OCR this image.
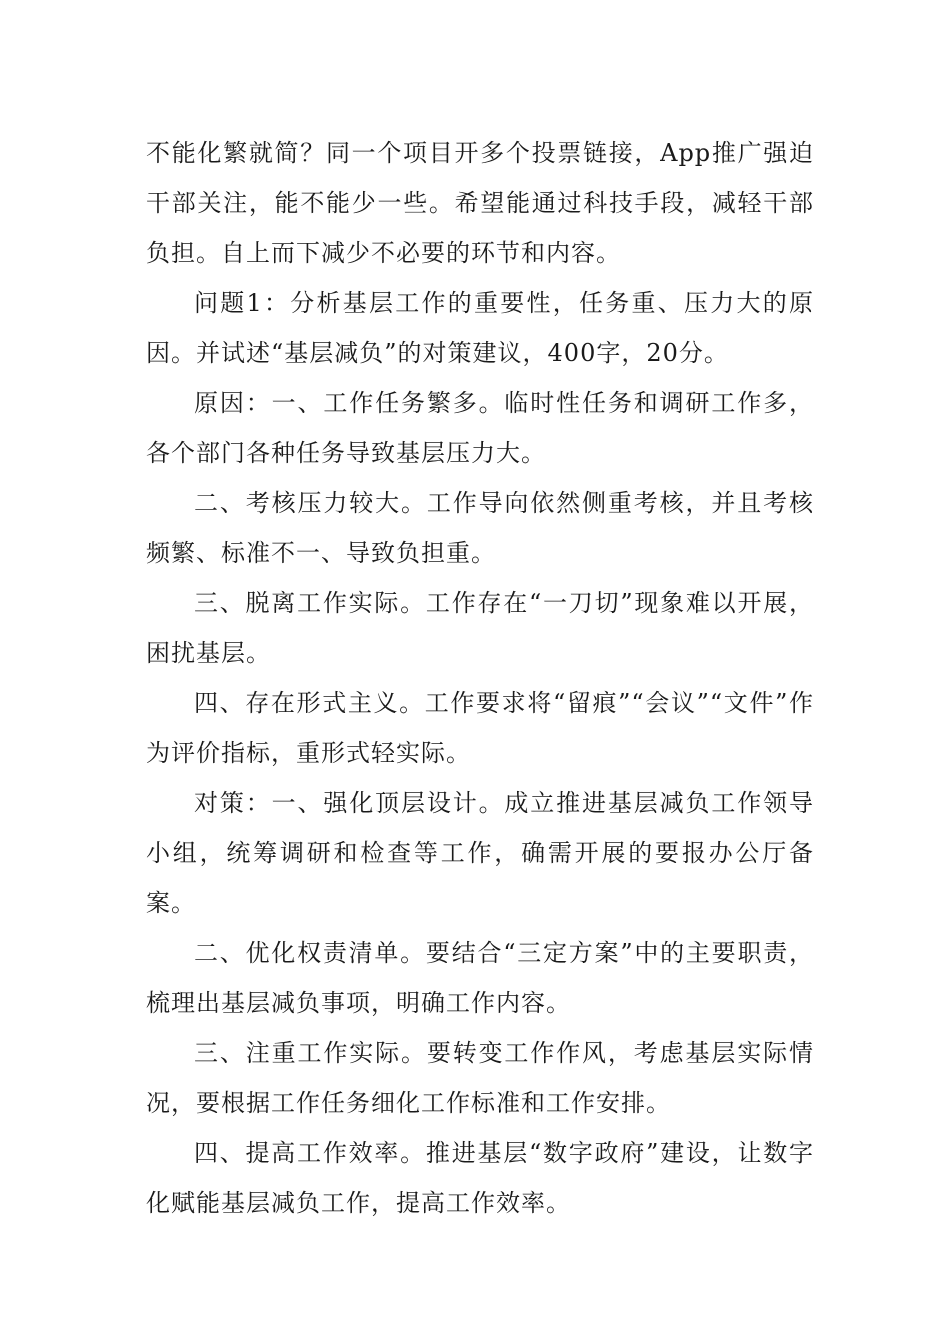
不能化繁就简？同一个项目开多个投票链接，App推广强迫干部关注，能不能少一些。希望能通过科技手段，减轻干部负担。自上而下减少不必要的环节和内容。

问题1：分析基层工作的重要性，任务重、压力大的原因。并试述“基层减负”的对策建议，400字，20分。

原因：一、工作任务繁多。临时性任务和调研工作多，各个部门各种任务导致基层压力大。

二、考核压力较大。工作导向依然侧重考核，并且考核频繁、标准不一、导致负担重。

三、脱离工作实际。工作存在“一刀切”现象难以开展，困扰基层。

四、存在形式主义。工作要求将“留痕”“会议”“文件”作为评价指标，重形式轻实际。

对策：一、强化顶层设计。成立推进基层减负工作领导小组，统筹调研和检查等工作，确需开展的要报办公厅备案。

二、优化权责清单。要结合“三定方案”中的主要职责，梳理出基层减负事项，明确工作内容。

三、注重工作实际。要转变工作作风，考虑基层实际情况，要根据工作任务细化工作标准和工作安排。

四、提高工作效率。推进基层“数字政府”建设，让数字化赋能基层减负工作，提高工作效率。
